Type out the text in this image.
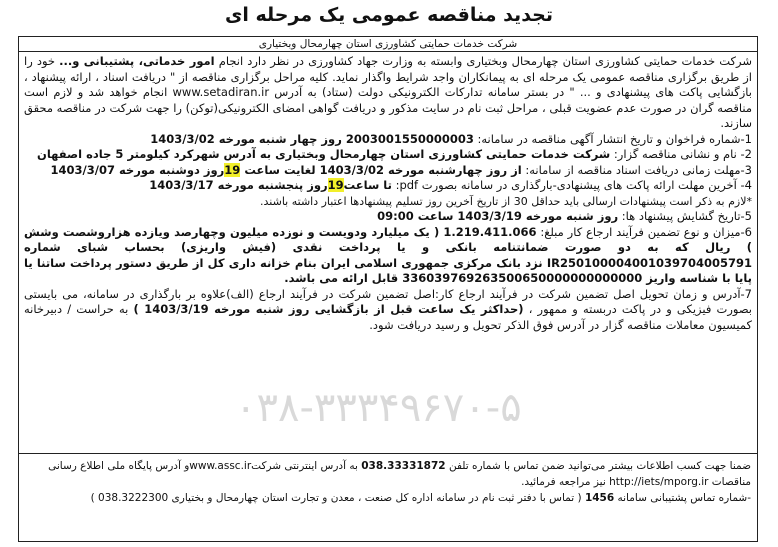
تجدید مناقصه عمومی یک مرحله ای
شرکت خدمات حمایتی کشاورزی استان چهارمحال وبختیاری

شرکت خدمات حمایتی کشاورزی استان چهارمحال وبختیاری وابسته به وزارت جهاد کشاورزی در نظر دارد انجام امور خدماتی، پشتیبانی و... خود را از طریق برگزاری مناقصه عمومی یک مرحله ای به پیمانکاران واجد شرایط واگذار نماید. کلیه مراحل برگزاری مناقصه از " دریافت اسناد ، ارائه پیشنهاد ، بازگشایی پاکت های پیشنهادی و ... " در بستر سامانه تدارکات الکترونیکی دولت (ستاد) به آدرس www.setadiran.ir انجام خواهد شد و لازم است مناقصه گران در صورت عدم عضویت قبلی ، مراحل ثبت نام در سایت مذکور و دریافت گواهی امضای الکترونیکی(توکن) را جهت شرکت در مناقصه محقق سازند.

1-شماره فراخوان و تاریخ انتشار آگهی مناقصه در سامانه: 2003001550000003 روز چهار شنبه مورخه 1403/3/02

2- نام و نشانی مناقصه گزار: شرکت خدمات حمایتی کشاورزی استان چهارمحال وبختیاری به آدرس شهرکرد کیلومتر 5 جاده اصفهان

3-مهلت زمانی دریافت اسناد مناقصه از سامانه: از روز چهارشنبه مورخه 1403/3/02 لغایت ساعت 19روز دوشنبه مورخه 1403/3/07

4- آخرین مهلت ارائه پاکت های پیشنهادی-بارگذاری در سامانه بصورت pdf: تا ساعت19روز پنجشنبه مورخه 1403/3/17

*لازم به ذکر است پیشنهادات ارسالی باید حداقل 30 از تاریخ آخرین روز تسلیم پیشنهادها اعتبار داشته باشند.

5-تاریخ گشایش پیشنهاد ها: روز شنبه مورخه 1403/3/19 ساعت 09:00

6-میزان و نوع تضمین فرآیند ارجاع کار مبلغ: 1.219.411.066 ( یک میلیارد ودویست و نوزده میلیون وچهارصد ویازده هزاروشصت وشش ) ریال که به دو صورت ضمانتنامه بانکی و یا پرداخت نقدی (فیش واریزی) بحساب شبای شماره IR250100004001039704005791 نزد بانک مرکزی جمهوری اسلامی ایران بنام خزانه داری کل از طریق دستور پرداخت ساتنا یا پایا با شناسه واریز 336039769263500650000000000000 قابل ارائه می باشد.

7-آدرس و زمان تحویل اصل تضمین شرکت در فرآیند ارجاع کار:اصل تضمین شرکت در فرآیند ارجاع (الف)علاوه بر بارگذاری در سامانه، می بایستی بصورت فیزیکی و در پاکت دربسته و ممهور ، (حداکثر یک ساعت قبل از بازگشایی روز شنبه مورخه 1403/3/19 ) به حراست / دبیرخانه کمیسیون معاملات مناقصه گزار در آدرس فوق الذکر تحویل و رسید دریافت شود.

ضمنا جهت کسب اطلاعات بیشتر می‌توانید ضمن تماس با شماره تلفن 038.33331872 به آدرس اینترنتی شرکتwww.assc.irو آدرس پایگاه ملی اطلاع رسانی مناقصات http://iets/mporg.ir نیز مراجعه فرمائید.

-شماره تماس پشتیبانی سامانه 1456 ( تماس با دفتر ثبت نام در سامانه اداره کل صنعت ، معدن و تجارت استان چهارمحال و بختیاری 038.3222300 )

۰۳۸-۳۳۳۴۹۶۷۰-۵
